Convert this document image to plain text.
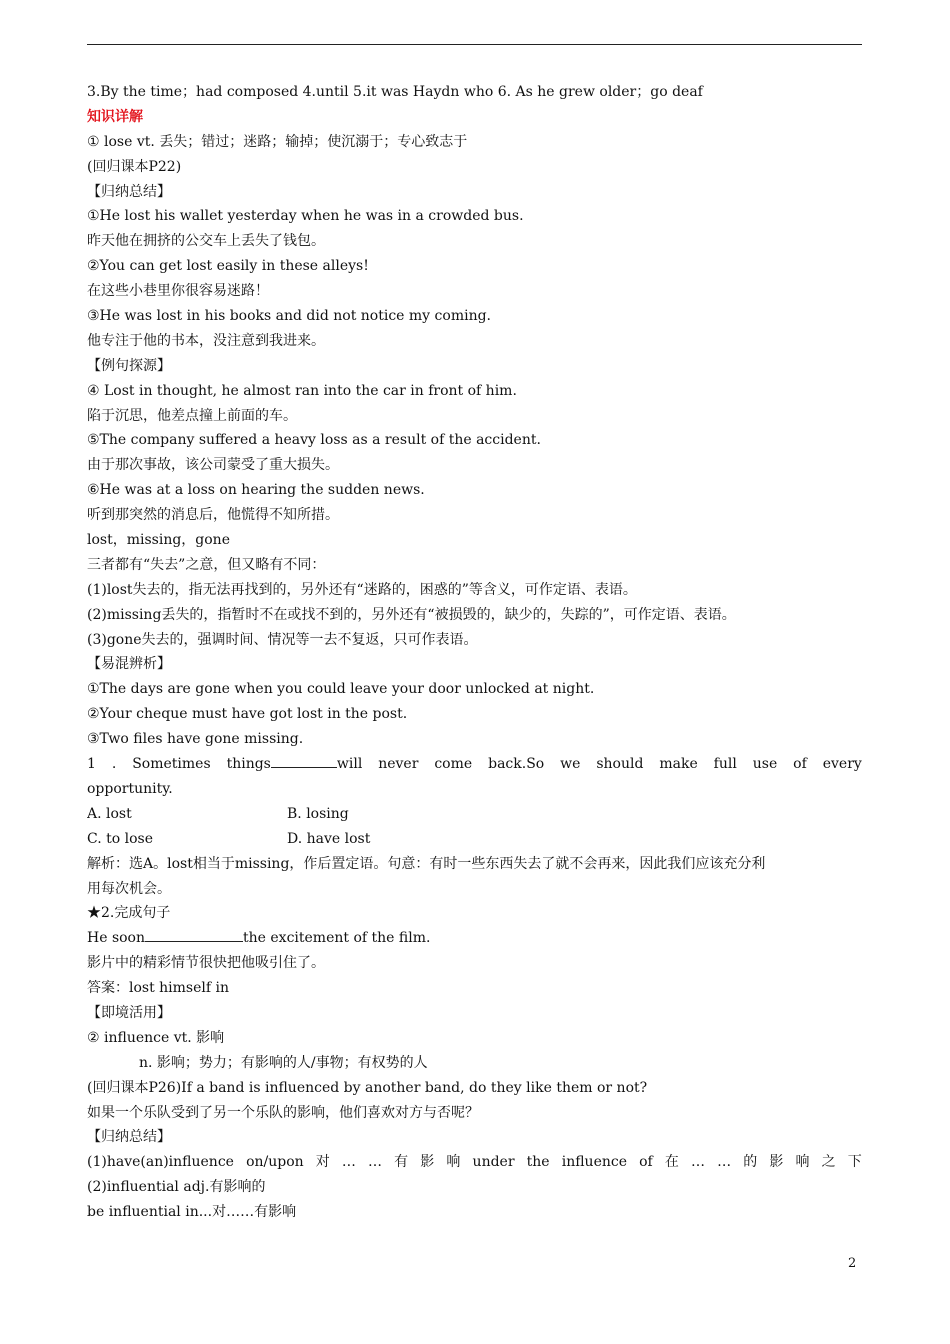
3.By the time；had composed 4.until 5.it was Haydn who 6. As he grew older；go deaf
知识详解
① lose vt. 丢失；错过；迷路；输掉；使沉溺于；专心致志于
(回归课本P22)
【归纳总结】
①He lost his wallet yesterday when he was in a crowded bus.
昨天他在拥挤的公交车上丢失了钱包。
②You can get lost easily in these alleys!
在这些小巷里你很容易迷路！
③He was lost in his books and did not notice my coming.
他专注于他的书本，没注意到我进来。
【例句探源】
④ Lost in thought, he almost ran into the car in front of him.
陷于沉思，他差点撞上前面的车。
⑤The company suffered a heavy loss as a result of the accident.
由于那次事故，该公司蒙受了重大损失。
⑥He was at a loss on hearing the sudden news.
听到那突然的消息后，他慌得不知所措。
lost，missing，gone
三者都有“失去”之意，但又略有不同：
(1)lost失去的，指无法再找到的，另外还有“迷路的，困惑的”等含义，可作定语、表语。
(2)missing丢失的，指暂时不在或找不到的，另外还有“被损毁的，缺少的，失踪的”，可作定语、表语。
(3)gone失去的，强调时间、情况等一去不复返，只可作表语。
【易混辨析】
①The days are gone when you could leave your door unlocked at night.
②Your cheque must have got lost in the post.
③Two files have gone missing.
1 . Sometimes things	will never come back.So we should make full use of every
opportunity.
A. lost	B. losing
C. to lose	D. have lost
解析：选A。lost相当于missing，作后置定语。句意：有时一些东西失去了就不会再来，因此我们应该充分利
用每次机会。
★2.完成句子
He soon	the excitement of the film.
影片中的精彩情节很快把他吸引住了。
答案：lost himself in
【即境活用】
② influence vt. 影响
n. 影响；势力；有影响的人/事物；有权势的人
(回归课本P26)If a band is influenced by another band, do they like them or not?
如果一个乐队受到了另一个乐队的影响，他们喜欢对方与否呢？
【归纳总结】
(1)have(an)influence on/upon 对 … … 有 影 响 under the influence of 在 … … 的 影 响 之 下
(2)influential adj.有影响的
be influential in...对……有影响
2
